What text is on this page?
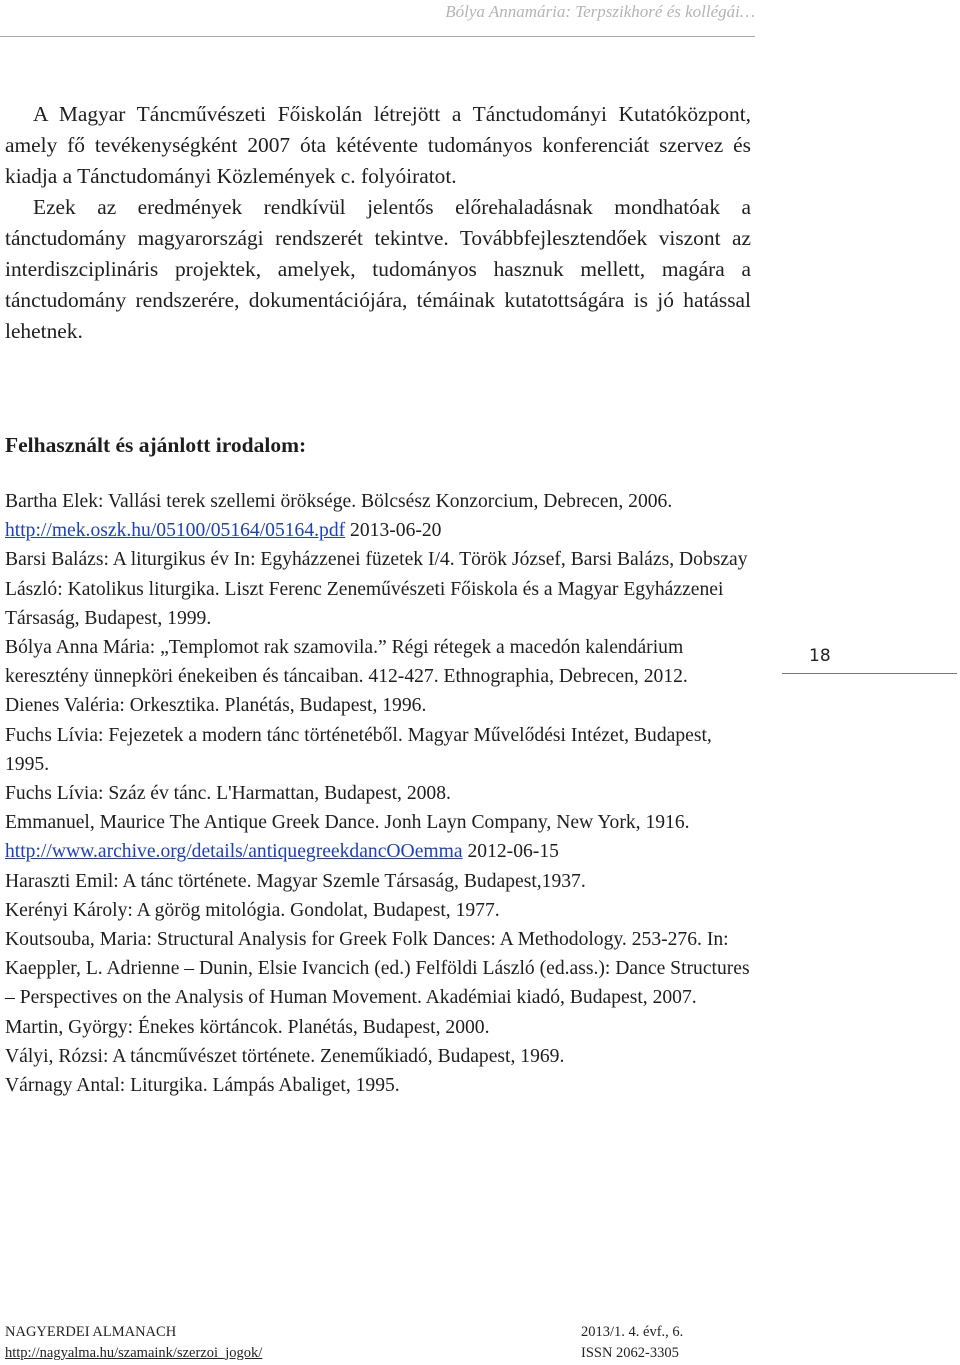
Bólya Annamária: Terpszikhoré és kollégái…

A Magyar Táncművészeti Főiskolán létrejött a Tánctudományi Kutatóközpont, amely fő tevékenységként 2007 óta kétévente tudományos konferenciát szervez és kiadja a Tánctudományi Közlemények c. folyóiratot.

Ezek az eredmények rendkívül jelentős előrehaladásnak mondhatóak a tánctudomány magyarországi rendszerét tekintve. Továbbfejlesztendőek viszont az interdiszciplináris projektek, amelyek, tudományos hasznuk mellett, magára a tánctudomány rendszerére, dokumentációjára, témáinak kutatottságára is jó hatással lehetnek.

Felhasznált és ajánlott irodalom:

Bartha Elek: Vallási terek szellemi öröksége. Bölcsész Konzorcium, Debrecen, 2006. http://mek.oszk.hu/05100/05164/05164.pdf 2013-06-20

Barsi Balázs: A liturgikus év In: Egyházzenei füzetek I/4. Török József, Barsi Balázs, Dobszay László: Katolikus liturgika. Liszt Ferenc Zeneművészeti Főiskola és a Magyar Egyházzenei Társaság, Budapest, 1999.

Bólya Anna Mária: „Templomot rak szamovila.” Régi rétegek a macedón kalendárium keresztény ünnepköri énekeiben és táncaiban. 412-427. Ethnographia, Debrecen, 2012.

Dienes Valéria: Orkesztika. Planétás, Budapest, 1996.

Fuchs Lívia: Fejezetek a modern tánc történetéből. Magyar Művelődési Intézet, Budapest, 1995.

Fuchs Lívia: Száz év tánc. L'Harmattan, Budapest, 2008.

Emmanuel, Maurice The Antique Greek Dance. Jonh Layn Company, New York, 1916. http://www.archive.org/details/antiquegreekdancOOemma 2012-06-15

Haraszti Emil: A tánc története. Magyar Szemle Társaság, Budapest,1937.

Kerényi Károly: A görög mitológia. Gondolat, Budapest, 1977.

Koutsouba, Maria: Structural Analysis for Greek Folk Dances: A Methodology. 253-276. In:

Kaeppler, L. Adrienne – Dunin, Elsie Ivancich (ed.) Felföldi László (ed.ass.): Dance Structures – Perspectives on the Analysis of Human Movement. Akadémiai kiadó, Budapest, 2007.

Martin, György: Énekes körtáncok. Planétás, Budapest, 2000.

Vályi, Rózsi: A táncművészet története. Zeneműkiadó, Budapest, 1969.

Várnagy Antal: Liturgika. Lámpás Abaliget, 1995.

18
NAGYERDEI ALMANACH
http://nagyalma.hu/szamaink/szerzoi_jogok/
2013/1. 4. évf., 6.
ISSN 2062-3305
